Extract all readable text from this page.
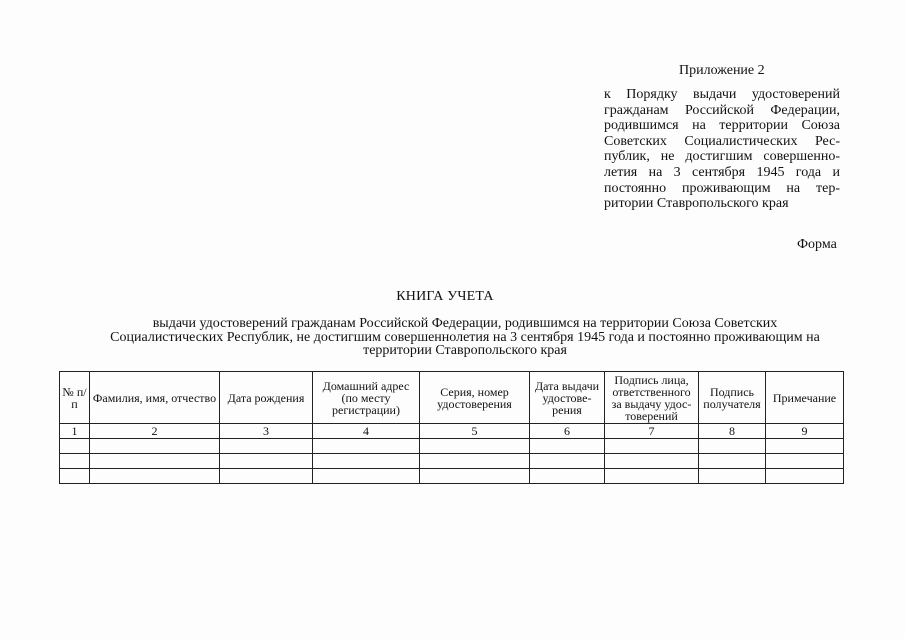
Приложение 2
к Порядку выдачи удостоверений
гражданам Российской Федерации,
родившимся на территории Союза
Советских Социалистических Рес-
публик, не достигшим совершенно-
летия на 3 сентября 1945 года и
постоянно проживающим на тер-
ритории Ставропольского края
Форма
КНИГА УЧЕТА
выдачи удостоверений гражданам Российской Федерации, родившимся на территории Союза Советских
Социалистических Республик, не достигшим совершеннолетия на 3 сентября 1945 года и постоянно проживающим на
территории Ставропольского края
№ п/п	Фамилия, имя, отчество	Дата рождения	Домашний адрес (по месту регистрации)	Серия, номер удостоверения	Дата выдачи удостове-рения	Подпись лица, ответственного за выдачу удос-товерений	Подпись получателя	Примечание
1	2	3	4	5	6	7	8	9
